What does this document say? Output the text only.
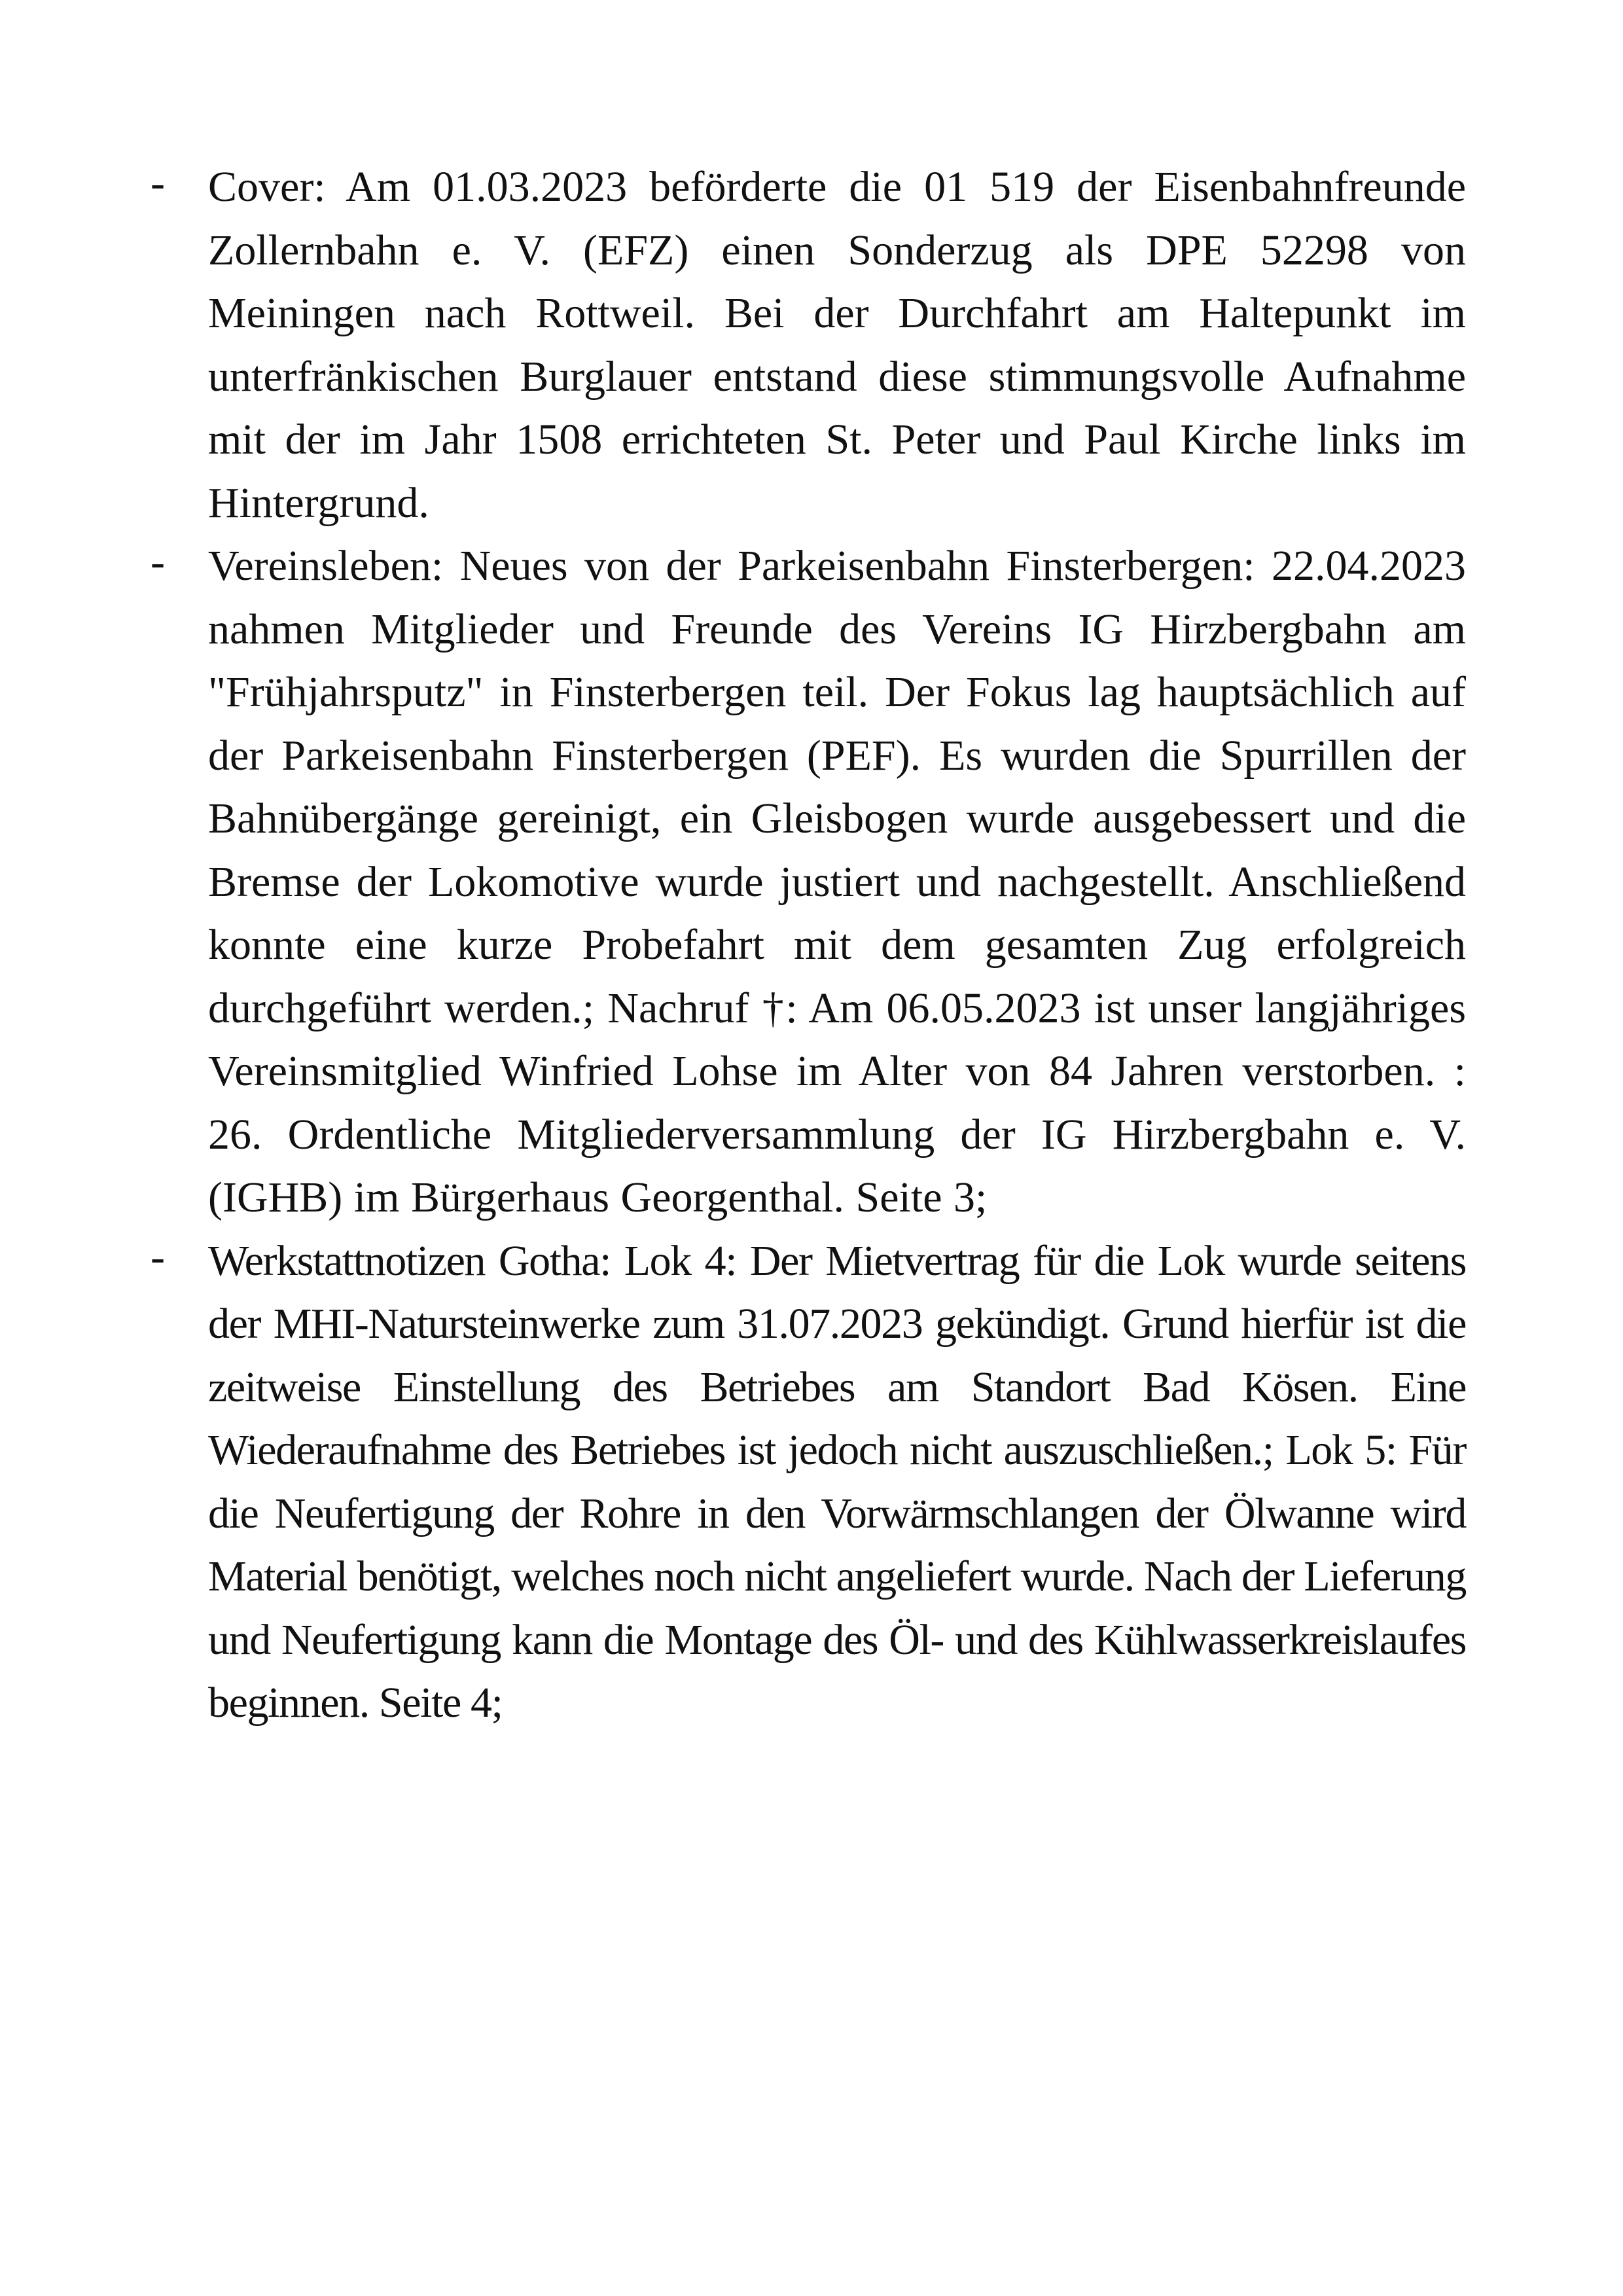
- Cover: Am 01.03.2023 beförderte die 01 519 der Eisenbahnfreunde Zollernbahn e. V. (EFZ) einen Sonderzug als DPE 52298 von Meiningen nach Rottweil. Bei der Durchfahrt am Haltepunkt im unterfränkischen Burglauer entstand diese stimmungsvolle Aufnahme mit der im Jahr 1508 errichteten St. Peter und Paul Kirche links im Hintergrund.
- Vereinsleben: Neues von der Parkeisenbahn Finsterbergen: 22.04.2023 nahmen Mitglieder und Freunde des Vereins IG Hirzbergbahn am "Frühjahrsputz" in Finsterbergen teil. Der Fokus lag hauptsächlich auf der Parkeisenbahn Finsterbergen (PEF). Es wurden die Spurrillen der Bahnübergänge gereinigt, ein Gleisbogen wurde ausgebessert und die Bremse der Lokomotive wurde justiert und nachgestellt. Anschließend konnte eine kurze Probefahrt mit dem gesamten Zug erfolgreich durchgeführt werden.; Nachruf †: Am 06.05.2023 ist unser langjähriges Vereinsmitglied Winfried Lohse im Alter von 84 Jahren verstorben. : 26. Ordentliche Mitgliederversammlung der IG Hirzbergbahn e. V. (IGHB) im Bürgerhaus Georgenthal. Seite 3;
- Werkstattnotizen Gotha: Lok 4: Der Mietvertrag für die Lok wurde seitens der MHI-Natursteinwerke zum 31.07.2023 gekündigt. Grund hierfür ist die zeitweise Einstellung des Betriebes am Standort Bad Kösen. Eine Wiederaufnahme des Betriebes ist jedoch nicht auszuschließen.; Lok 5: Für die Neufertigung der Rohre in den Vorwärmschlangen der Ölwanne wird Material benötigt, welches noch nicht angeliefert wurde. Nach der Lieferung und Neufertigung kann die Montage des Öl- und des Kühlwasserkreislaufes beginnen. Seite 4;
